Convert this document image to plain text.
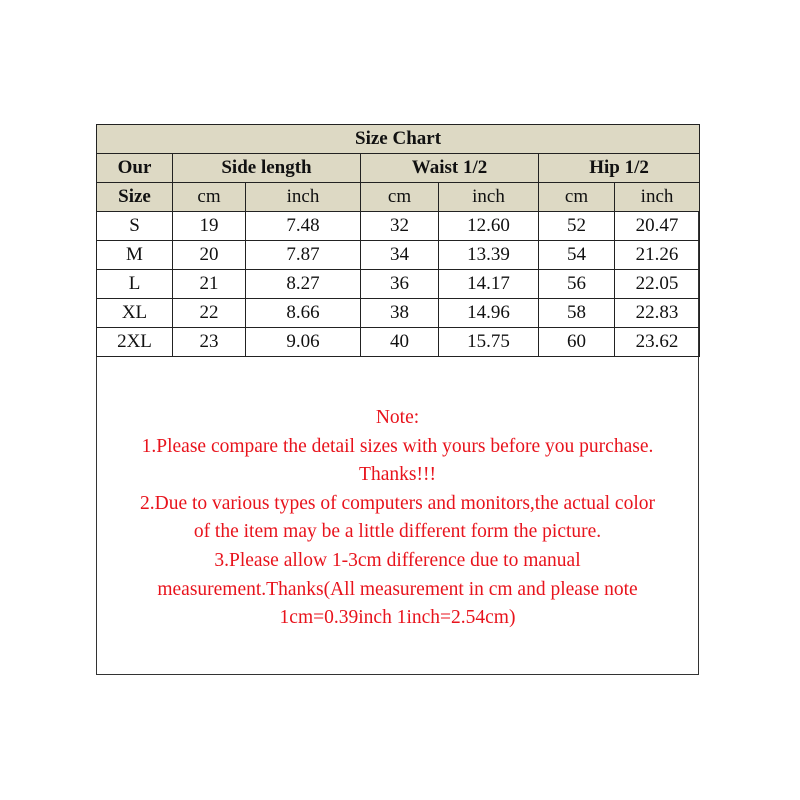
Size Chart						
Our	Side length		Waist 1/2		Hip 1/2	
Size	cm	inch	cm	inch	cm	inch
S	19	7.48	32	12.60	52	20.47
M	20	7.87	34	13.39	54	21.26
L	21	8.27	36	14.17	56	22.05
XL	22	8.66	38	14.96	58	22.83
2XL	23	9.06	40	15.75	60	23.62
Note:
1.Please compare the detail sizes with yours before you purchase.
Thanks!!!
2.Due to various types of computers and monitors,the actual color
of the item may be a little different form the picture.
3.Please allow 1-3cm difference due to manual
measurement.Thanks(All measurement in cm and please note
1cm=0.39inch 1inch=2.54cm)
